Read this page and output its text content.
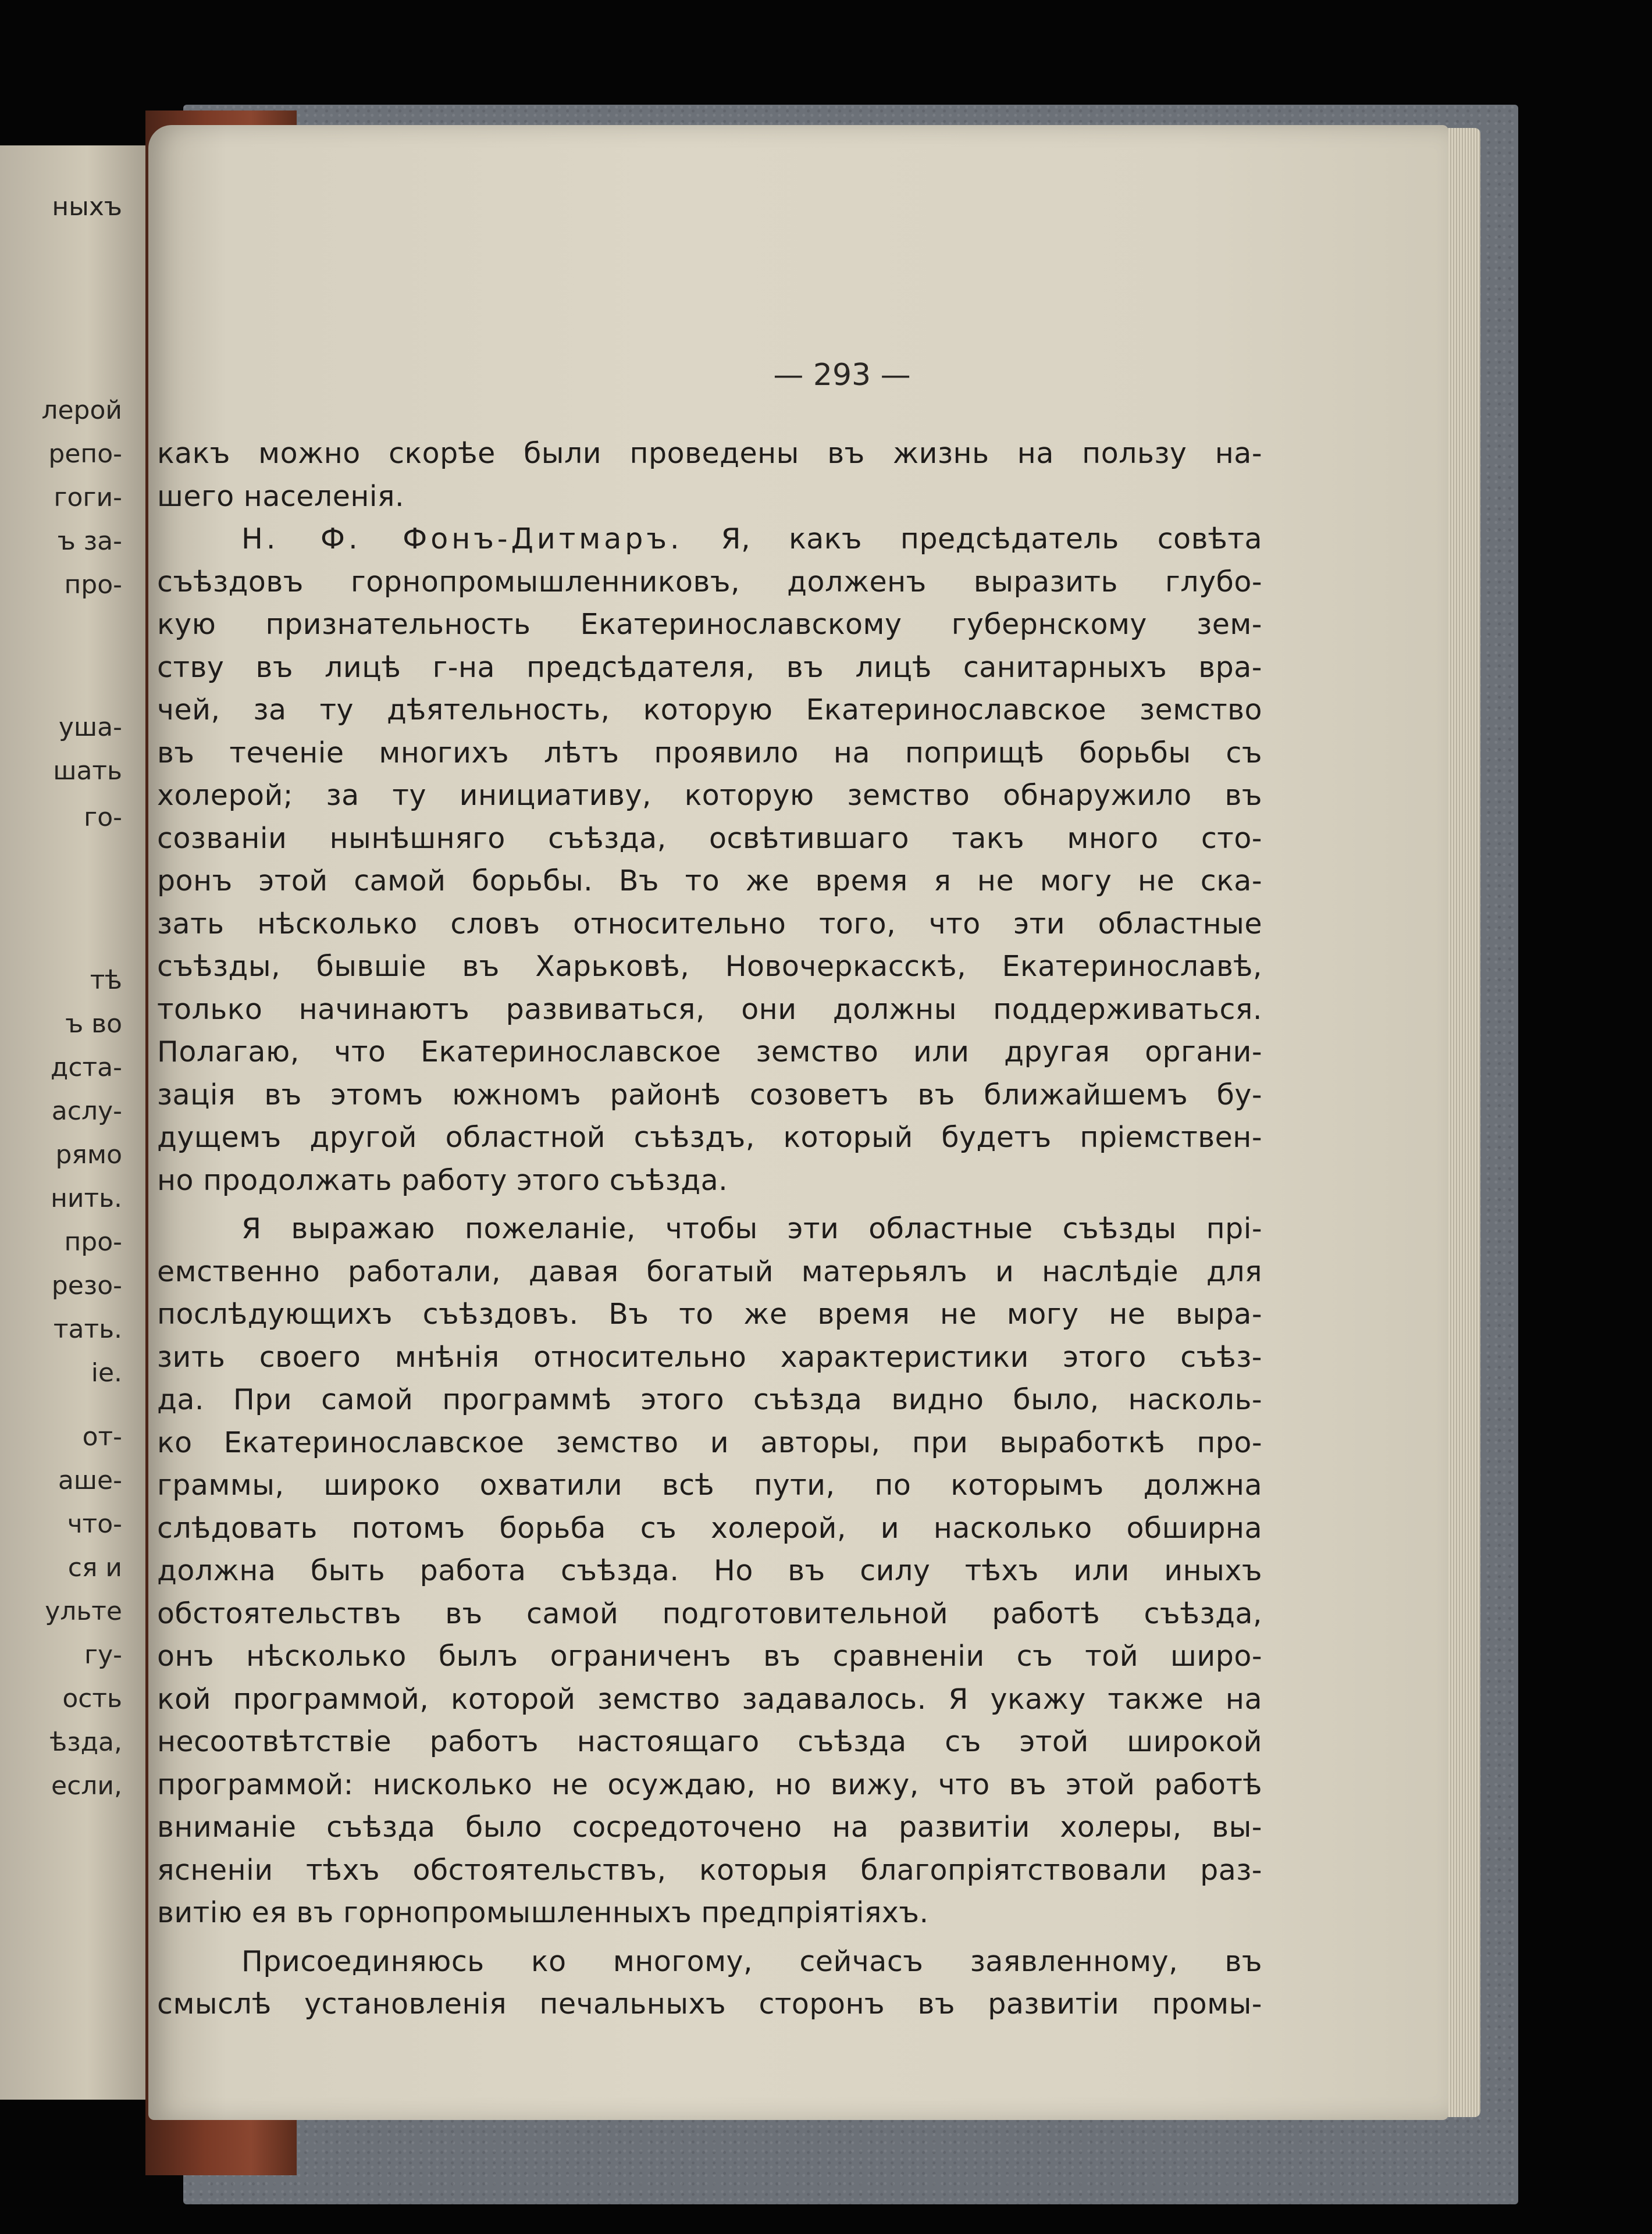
ныхъ
лерой
репо-
гоги-
ъ за-
про-
уша-
шать
го-
тѣ
ъ во
дста-
аслу-
рямо
нить.
про-
резо-
тать.
іе.
от-
аше-
что-
ся и
ульте
гу-
ость
ѣзда,
если,
— 293 —
какъ можно скорѣе были проведены въ жизнь на пользу на-
шего населенія.
Н. Ф. Фонъ-Дитмаръ. Я, какъ предсѣдатель совѣта
съѣздовъ горнопромышленниковъ, долженъ выразить глубо-
кую признательность Екатеринославскому губернскому зем-
ству въ лицѣ г-на предсѣдателя, въ лицѣ санитарныхъ вра-
чей, за ту дѣятельность, которую Екатеринославское земство
въ теченіе многихъ лѣтъ проявило на поприщѣ борьбы съ
холерой; за ту инициативу, которую земство обнаружило въ
созваніи нынѣшняго съѣзда, освѣтившаго такъ много сто-
ронъ этой самой борьбы. Въ то же время я не могу не ска-
зать нѣсколько словъ относительно того, что эти областные
съѣзды, бывшіе въ Харьковѣ, Новочеркасскѣ, Екатеринославѣ,
только начинаютъ развиваться, они должны поддерживаться.
Полагаю, что Екатеринославское земство или другая органи-
зація въ этомъ южномъ районѣ созоветъ въ ближайшемъ бу-
дущемъ другой областной съѣздъ, который будетъ пріемствен-
но продолжать работу этого съѣзда.
Я выражаю пожеланіе, чтобы эти областные съѣзды прі-
емственно работали, давая богатый матерьялъ и наслѣдіе для
послѣдующихъ съѣздовъ. Въ то же время не могу не выра-
зить своего мнѣнія относительно характеристики этого съѣз-
да. При самой программѣ этого съѣзда видно было, насколь-
ко Екатеринославское земство и авторы, при выработкѣ про-
граммы, широко охватили всѣ пути, по которымъ должна
слѣдовать потомъ борьба съ холерой, и насколько обширна
должна быть работа съѣзда. Но въ силу тѣхъ или иныхъ
обстоятельствъ въ самой подготовительной работѣ съѣзда,
онъ нѣсколько былъ ограниченъ въ сравненіи съ той широ-
кой программой, которой земство задавалось. Я укажу также на
несоотвѣтствіе работъ настоящаго съѣзда съ этой широкой
программой: нисколько не осуждаю, но вижу, что въ этой работѣ
вниманіе съѣзда было сосредоточено на развитіи холеры, вы-
ясненіи тѣхъ обстоятельствъ, которыя благопріятствовали раз-
витію ея въ горнопромышленныхъ предпріятіяхъ.
Присоединяюсь ко многому, сейчасъ заявленному, въ
смыслѣ установленія печальныхъ сторонъ въ развитіи промы-
